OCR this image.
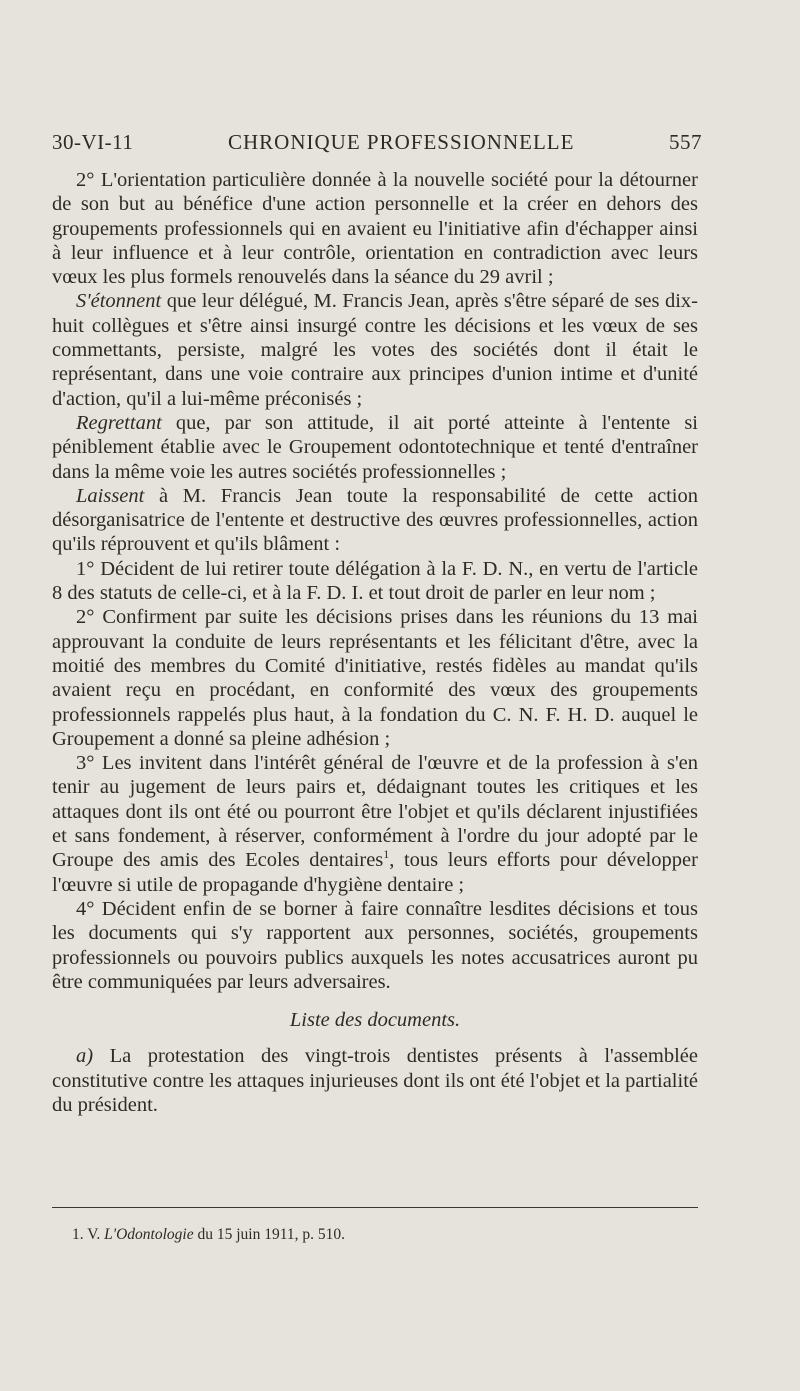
30-VI-11	CHRONIQUE PROFESSIONNELLE	557

2° L'orientation particulière donnée à la nouvelle société pour la détourner de son but au bénéfice d'une action personnelle et la créer en dehors des groupements professionnels qui en avaient eu l'initiative afin d'échapper ainsi à leur influence et à leur contrôle, orientation en contradiction avec leurs vœux les plus formels renouvelés dans la séance du 29 avril ;

S'étonnent que leur délégué, M. Francis Jean, après s'être séparé de ses dix-huit collègues et s'être ainsi insurgé contre les décisions et les vœux de ses commettants, persiste, malgré les votes des sociétés dont il était le représentant, dans une voie contraire aux principes d'union intime et d'unité d'action, qu'il a lui-même préconisés ;

Regrettant que, par son attitude, il ait porté atteinte à l'entente si péniblement établie avec le Groupement odontotechnique et tenté d'entraîner dans la même voie les autres sociétés professionnelles ;

Laissent à M. Francis Jean toute la responsabilité de cette action désorganisatrice de l'entente et destructive des œuvres professionnelles, action qu'ils réprouvent et qu'ils blâment :

1° Décident de lui retirer toute délégation à la F. D. N., en vertu de l'article 8 des statuts de celle-ci, et à la F. D. I. et tout droit de parler en leur nom ;

2° Confirment par suite les décisions prises dans les réunions du 13 mai approuvant la conduite de leurs représentants et les félicitant d'être, avec la moitié des membres du Comité d'initiative, restés fidèles au mandat qu'ils avaient reçu en procédant, en conformité des vœux des groupements professionnels rappelés plus haut, à la fondation du C. N. F. H. D. auquel le Groupement a donné sa pleine adhésion ;

3° Les invitent dans l'intérêt général de l'œuvre et de la profession à s'en tenir au jugement de leurs pairs et, dédaignant toutes les critiques et les attaques dont ils ont été ou pourront être l'objet et qu'ils déclarent injustifiées et sans fondement, à réserver, conformément à l'ordre du jour adopté par le Groupe des amis des Ecoles dentaires$^1$, tous leurs efforts pour développer l'œuvre si utile de propagande d'hygiène dentaire ;

4° Décident enfin de se borner à faire connaître lesdites décisions et tous les documents qui s'y rapportent aux personnes, sociétés, groupements professionnels ou pouvoirs publics auxquels les notes accusatrices auront pu être communiquées par leurs adversaires.

Liste des documents.

a) La protestation des vingt-trois dentistes présents à l'assemblée constitutive contre les attaques injurieuses dont ils ont été l'objet et la partialité du président.

1. V. L'Odontologie du 15 juin 1911, p. 510.
